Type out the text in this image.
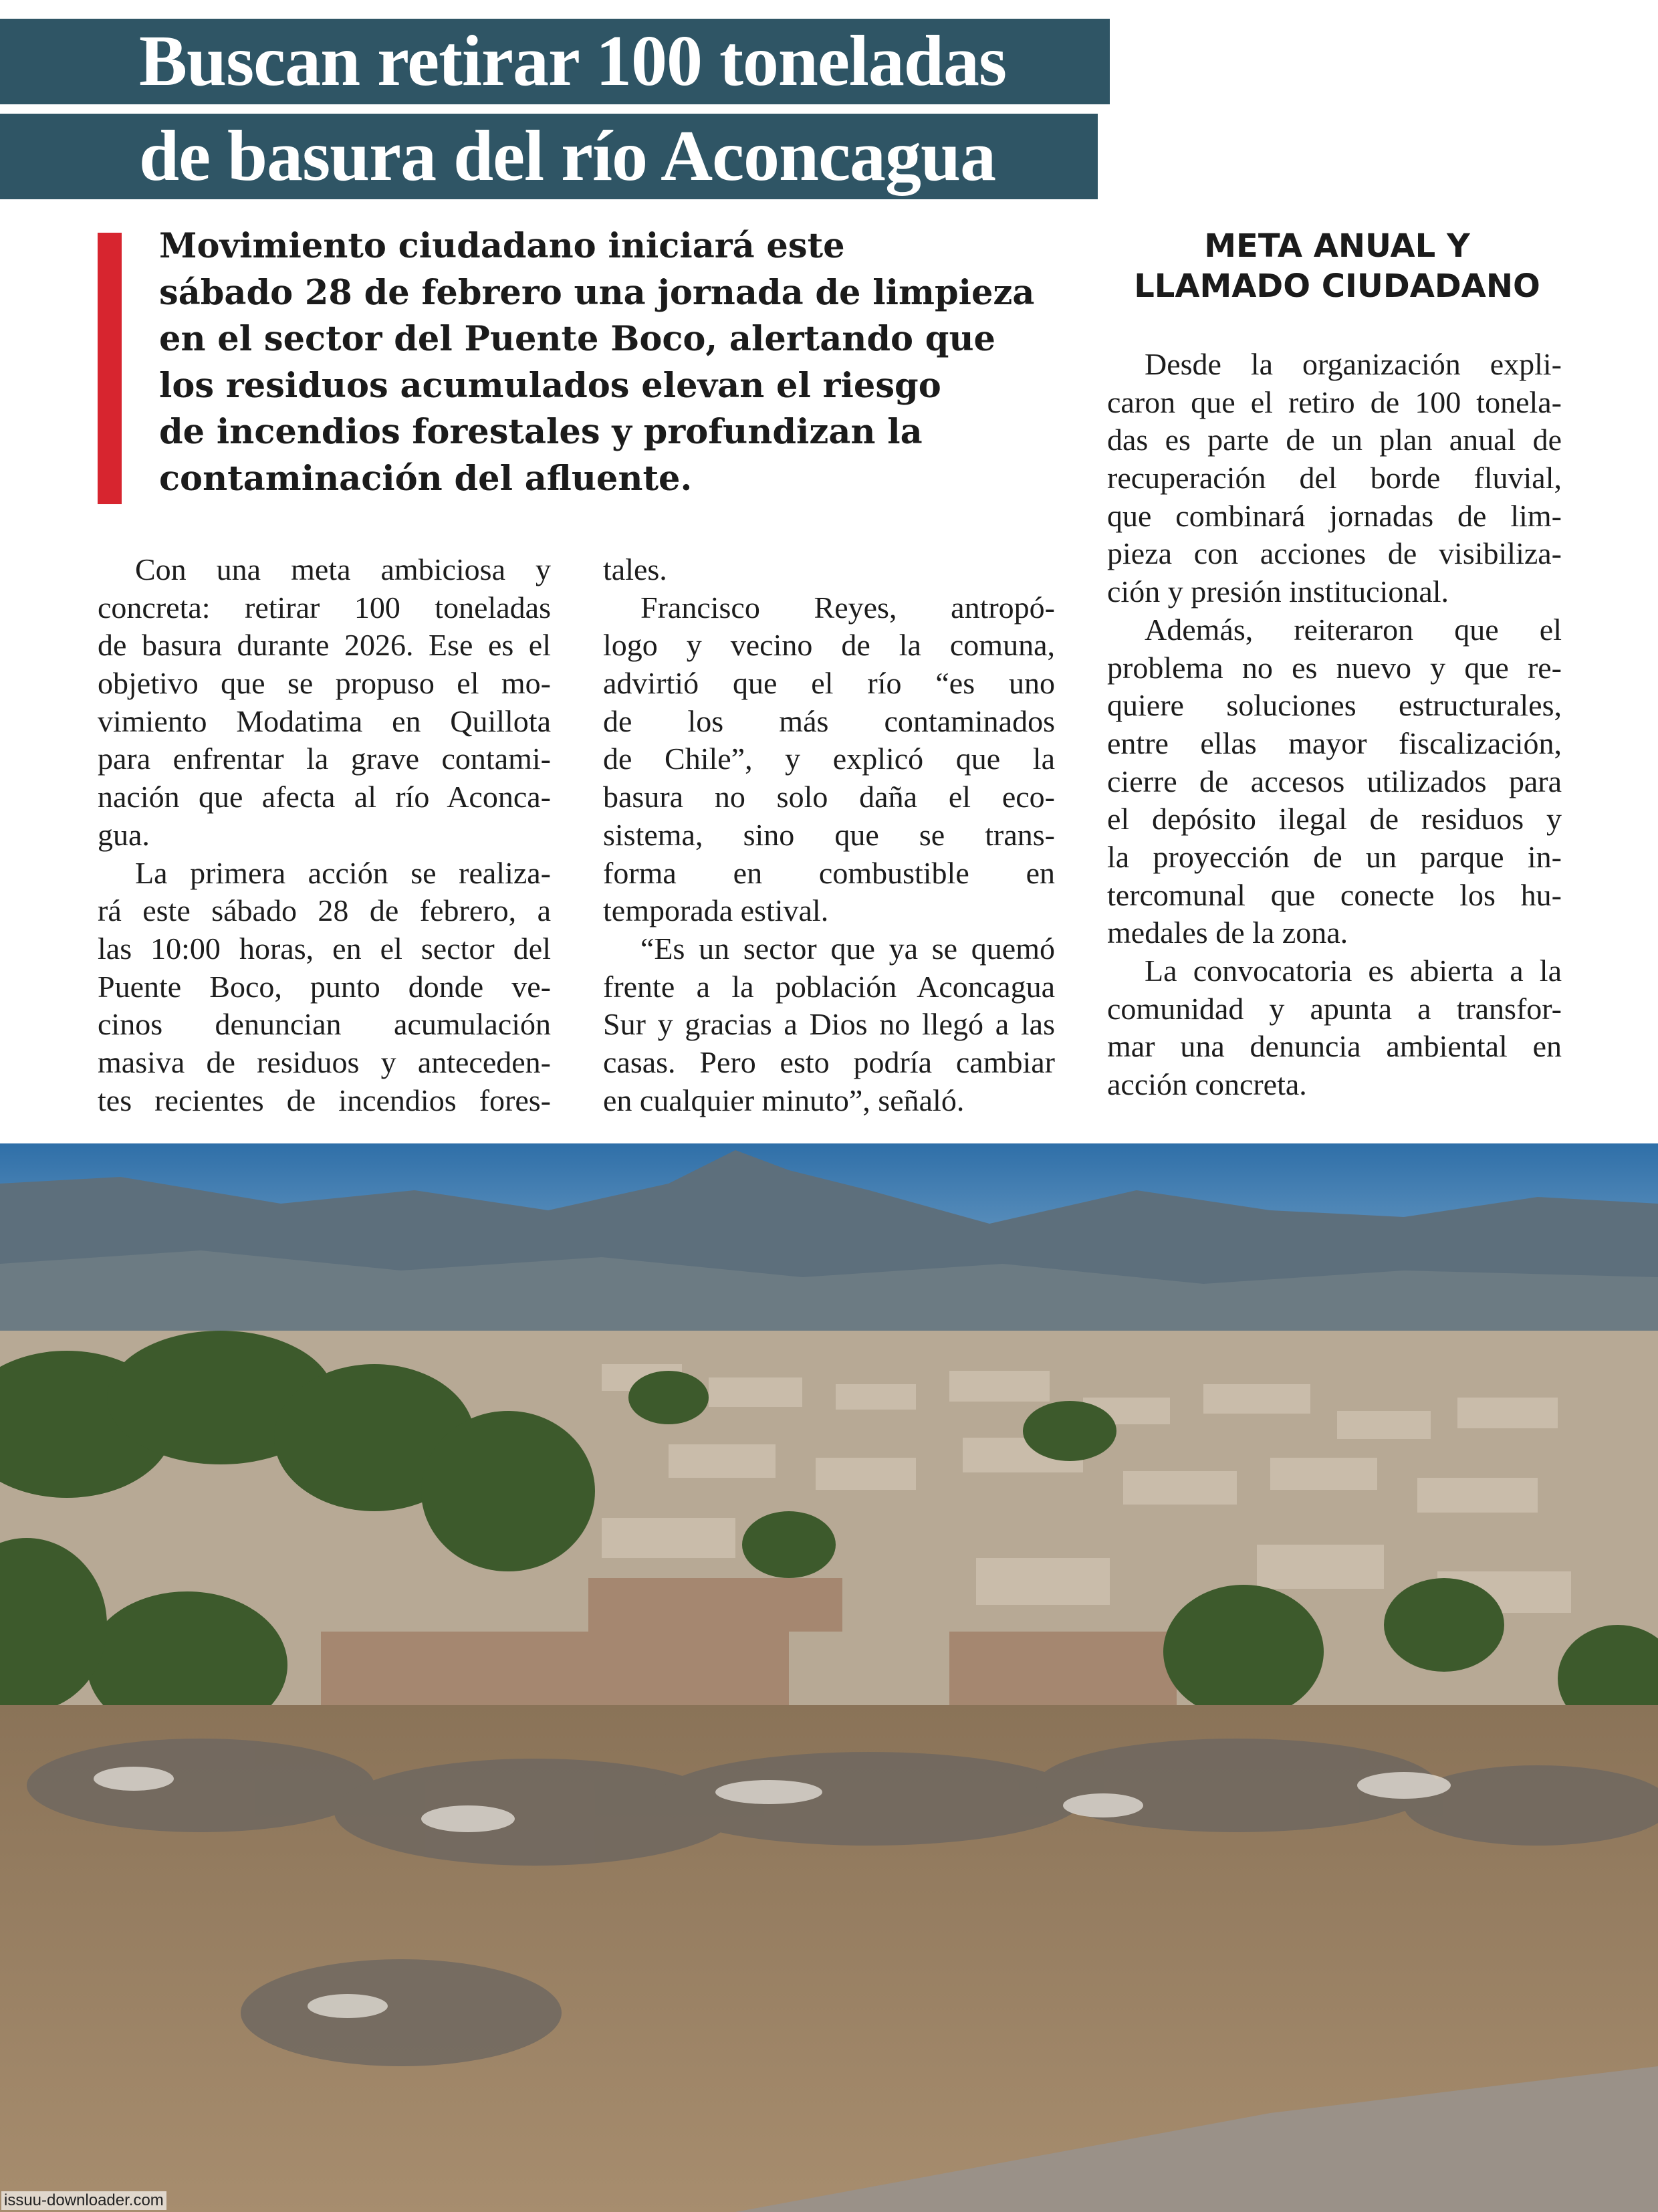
Buscan retirar 100 toneladas
de basura del río Aconcagua
Movimiento ciudadano iniciará este
sábado 28 de febrero una jornada de limpieza
en el sector del Puente Boco, alertando que
los residuos acumulados elevan el riesgo
de incendios forestales y profundizan la
contaminación del afluente.
META ANUAL Y
LLAMADO CIUDADANO
Con una meta ambiciosa y
concreta: retirar 100 toneladas
de basura durante 2026. Ese es el
objetivo que se propuso el mo-
vimiento Modatima en Quillota
para enfrentar la grave contami-
nación que afecta al río Aconca-
gua.
La primera acción se realiza-
rá este sábado 28 de febrero, a
las 10:00 horas, en el sector del
Puente Boco, punto donde ve-
cinos denuncian acumulación
masiva de residuos y anteceden-
tes recientes de incendios fores-
tales.
Francisco Reyes, antropó-
logo y vecino de la comuna,
advirtió que el río “es uno
de los más contaminados
de Chile”, y explicó que la
basura no solo daña el eco-
sistema, sino que se trans-
forma en combustible en
temporada estival.
“Es un sector que ya se quemó
frente a la población Aconcagua
Sur y gracias a Dios no llegó a las
casas. Pero esto podría cambiar
en cualquier minuto”, señaló.
Desde la organización expli-
caron que el retiro de 100 tonela-
das es parte de un plan anual de
recuperación del borde fluvial,
que combinará jornadas de lim-
pieza con acciones de visibiliza-
ción y presión institucional.
Además, reiteraron que el
problema no es nuevo y que re-
quiere soluciones estructurales,
entre ellas mayor fiscalización,
cierre de accesos utilizados para
el depósito ilegal de residuos y
la proyección de un parque in-
tercomunal que conecte los hu-
medales de la zona.
La convocatoria es abierta a la
comunidad y apunta a transfor-
mar una denuncia ambiental en
acción concreta.
issuu-downloader.com
